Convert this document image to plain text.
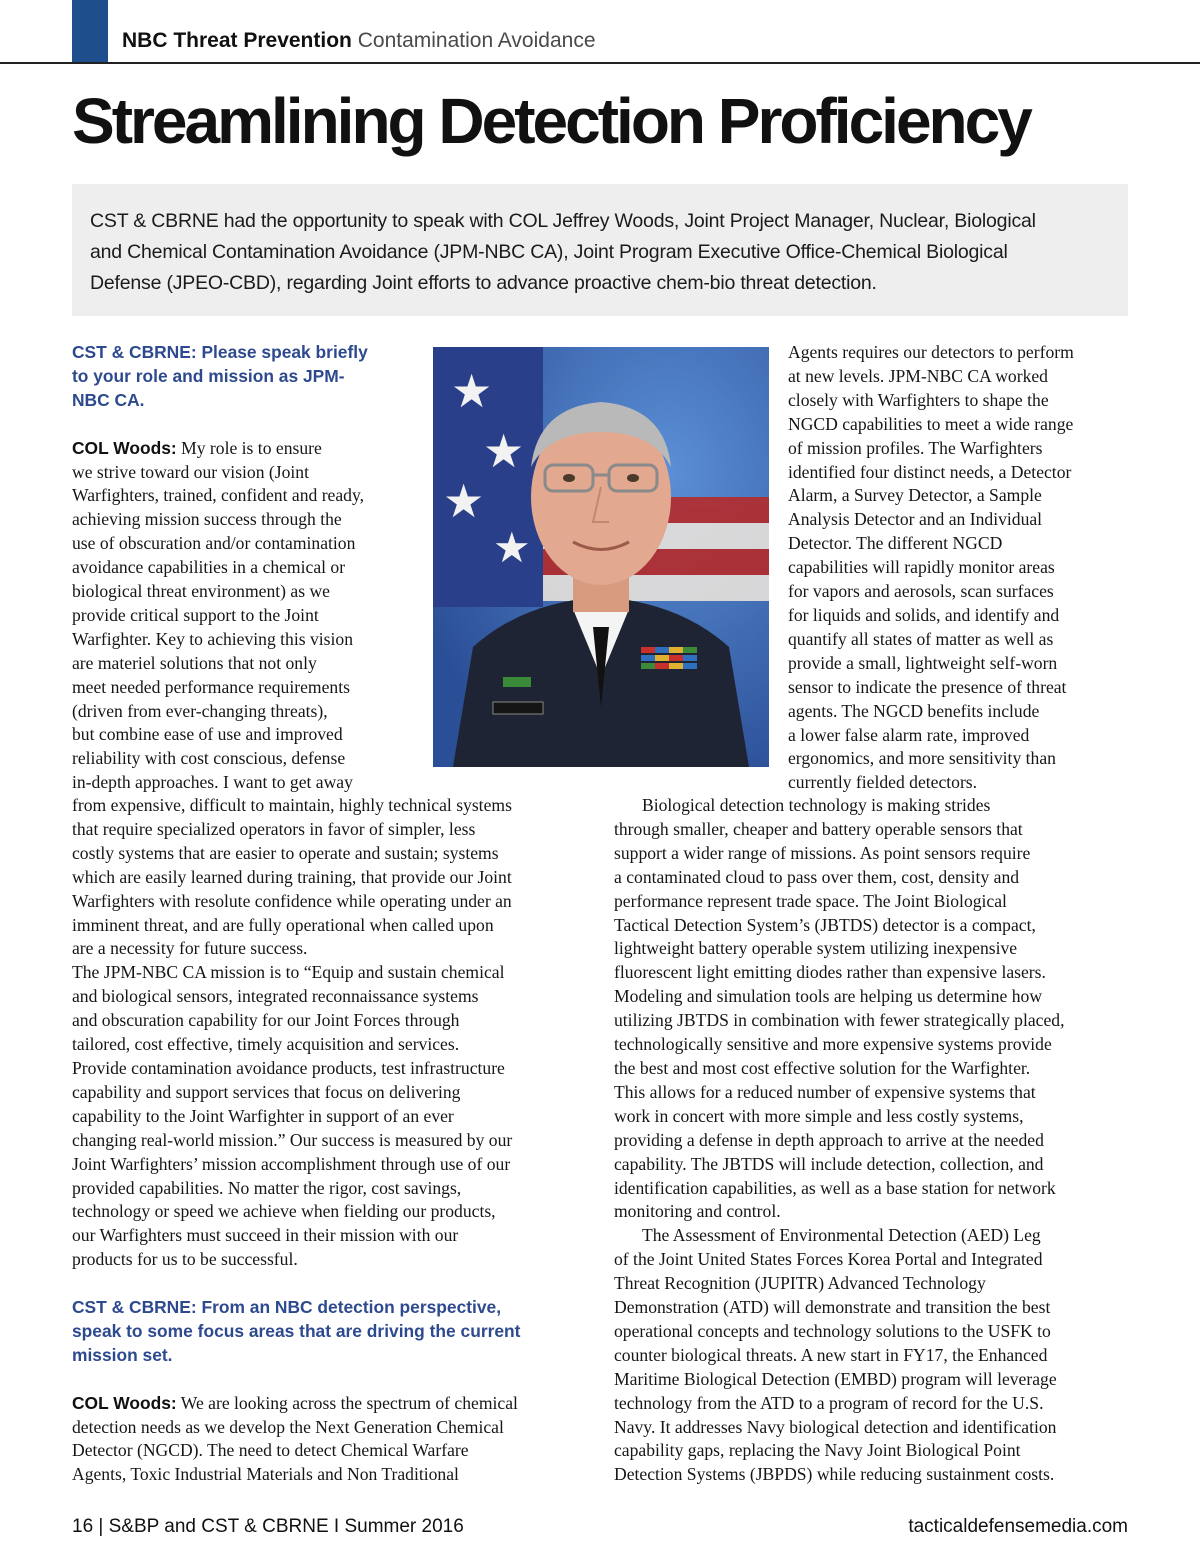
NBC Threat Prevention Contamination Avoidance
Streamlining Detection Proficiency
CST & CBRNE had the opportunity to speak with COL Jeffrey Woods, Joint Project Manager, Nuclear, Biological
and Chemical Contamination Avoidance (JPM-NBC CA), Joint Program Executive Office-Chemical Biological
Defense (JPEO-CBD), regarding Joint efforts to advance proactive chem-bio threat detection.
CST & CBRNE: Please speak briefly
to your role and mission as JPM-
NBC CA.
COL Woods: My role is to ensure
we strive toward our vision (Joint
Warfighters, trained, confident and ready,
achieving mission success through the
use of obscuration and/or contamination
avoidance capabilities in a chemical or
biological threat environment) as we
provide critical support to the Joint
Warfighter. Key to achieving this vision
are materiel solutions that not only
meet needed performance requirements
(driven from ever-changing threats),
but combine ease of use and improved
reliability with cost conscious, defense
in-depth approaches. I want to get away
★
★
★
★
from expensive, difficult to maintain, highly technical systems
that require specialized operators in favor of simpler, less
costly systems that are easier to operate and sustain; systems
which are easily learned during training, that provide our Joint
Warfighters with resolute confidence while operating under an
imminent threat, and are fully operational when called upon
are a necessity for future success.
The JPM-NBC CA mission is to “Equip and sustain chemical
and biological sensors, integrated reconnaissance systems
and obscuration capability for our Joint Forces through
tailored, cost effective, timely acquisition and services.
Provide contamination avoidance products, test infrastructure
capability and support services that focus on delivering
capability to the Joint Warfighter in support of an ever
changing real-world mission.” Our success is measured by our
Joint Warfighters’ mission accomplishment through use of our
provided capabilities. No matter the rigor, cost savings,
technology or speed we achieve when fielding our products,
our Warfighters must succeed in their mission with our
products for us to be successful.
CST & CBRNE: From an NBC detection perspective,
speak to some focus areas that are driving the current
mission set.
COL Woods: We are looking across the spectrum of chemical
detection needs as we develop the Next Generation Chemical
Detector (NGCD). The need to detect Chemical Warfare
Agents, Toxic Industrial Materials and Non Traditional
Agents requires our detectors to perform
at new levels. JPM-NBC CA worked
closely with Warfighters to shape the
NGCD capabilities to meet a wide range
of mission profiles. The Warfighters
identified four distinct needs, a Detector
Alarm, a Survey Detector, a Sample
Analysis Detector and an Individual
Detector. The different NGCD
capabilities will rapidly monitor areas
for vapors and aerosols, scan surfaces
for liquids and solids, and identify and
quantify all states of matter as well as
provide a small, lightweight self-worn
sensor to indicate the presence of threat
agents. The NGCD benefits include
a lower false alarm rate, improved
ergonomics, and more sensitivity than
currently fielded detectors.
Biological detection technology is making strides
through smaller, cheaper and battery operable sensors that
support a wider range of missions. As point sensors require
a contaminated cloud to pass over them, cost, density and
performance represent trade space. The Joint Biological
Tactical Detection System’s (JBTDS) detector is a compact,
lightweight battery operable system utilizing inexpensive
fluorescent light emitting diodes rather than expensive lasers.
Modeling and simulation tools are helping us determine how
utilizing JBTDS in combination with fewer strategically placed,
technologically sensitive and more expensive systems provide
the best and most cost effective solution for the Warfighter.
This allows for a reduced number of expensive systems that
work in concert with more simple and less costly systems,
providing a defense in depth approach to arrive at the needed
capability. The JBTDS will include detection, collection, and
identification capabilities, as well as a base station for network
monitoring and control.
The Assessment of Environmental Detection (AED) Leg
of the Joint United States Forces Korea Portal and Integrated
Threat Recognition (JUPITR) Advanced Technology
Demonstration (ATD) will demonstrate and transition the best
operational concepts and technology solutions to the USFK to
counter biological threats. A new start in FY17, the Enhanced
Maritime Biological Detection (EMBD) program will leverage
technology from the ATD to a program of record for the U.S.
Navy. It addresses Navy biological detection and identification
capability gaps, replacing the Navy Joint Biological Point
Detection Systems (JBPDS) while reducing sustainment costs.
16 | S&BP and CST & CBRNE I Summer 2016	tacticaldefensemedia.com
